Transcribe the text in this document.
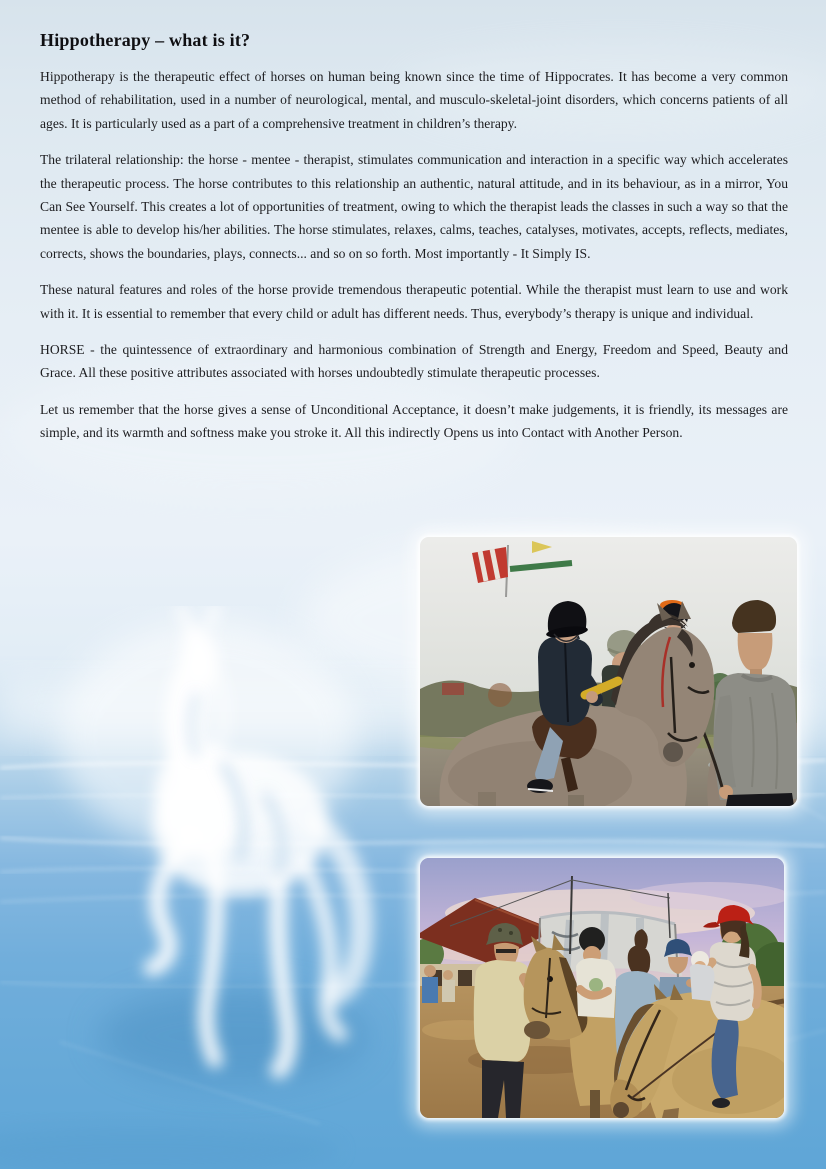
Hippotherapy – what is it?

Hippotherapy is the therapeutic effect of horses on human being known since the time of Hippocrates. It has become a very common method of rehabilitation, used in a number of neurological, mental, and musculo-skeletal-joint disorders, which concerns patients of all ages. It is particularly used as a part of a comprehensive treatment in children’s therapy.

The trilateral relationship: the horse - mentee - therapist, stimulates communication and interaction in a specific way which accelerates the therapeutic process. The horse contributes to this relationship an authentic, natural attitude, and in its behaviour, as in a mirror, You Can See Yourself. This creates a lot of opportunities of treatment, owing to which the therapist leads the classes in such a way so that the mentee is able to develop his/her abilities. The horse stimulates, relaxes, calms, teaches, catalyses, motivates, accepts, reflects, mediates, corrects, shows the boundaries, plays, connects... and so on so forth. Most importantly - It Simply IS.

These natural features and roles of the horse provide tremendous therapeutic potential. While the therapist must learn to use and work with it. It is essential to remember that every child or adult has different needs. Thus, everybody’s therapy is unique and individual.

HORSE - the quintessence of extraordinary and harmonious combination of Strength and Energy, Freedom and Speed, Beauty and Grace. All these positive attributes associated with horses undoubtedly stimulate therapeutic processes.

Let us remember that the horse gives a sense of Unconditional Acceptance, it doesn’t make judgements, it is friendly, its messages are simple, and its warmth and softness make you stroke it. All this indirectly Opens us into Contact with Another Person.
